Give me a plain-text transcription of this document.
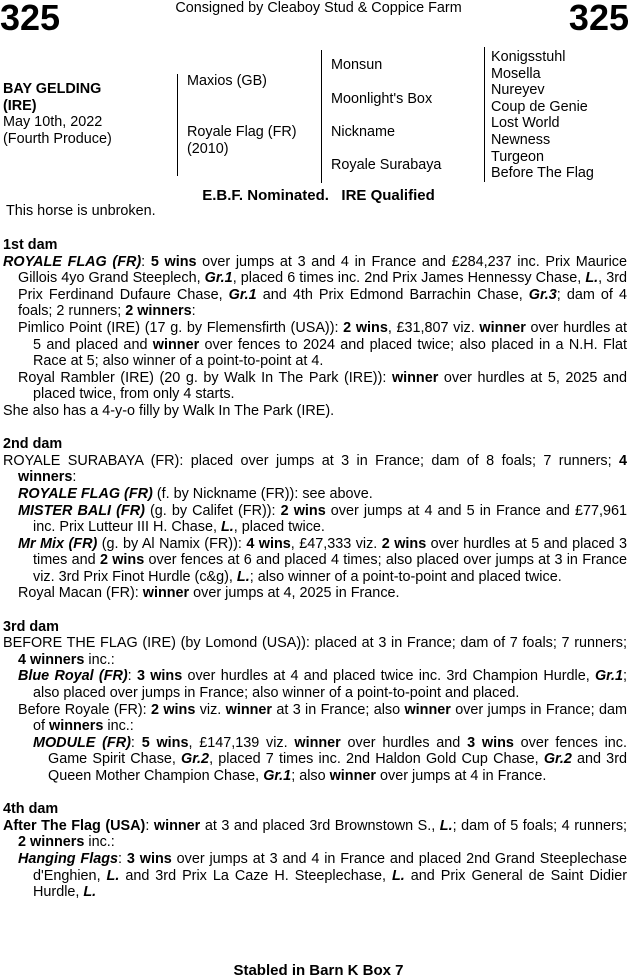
325	325
Consigned by Cleaboy Stud & Coppice Farm
BAY GELDING
(IRE)
May 10th, 2022
(Fourth Produce)
Maxios (GB)
Royale Flag (FR)
(2010)
Monsun
Moonlight's Box
Nickname
Royale Surabaya
Konigsstuhl
Mosella
Nureyev
Coup de Genie
Lost World
Newness
Turgeon
Before The Flag
E.B.F. Nominated.   IRE Qualified
This horse is unbroken.
1st dam

ROYALE FLAG (FR): 5 wins over jumps at 3 and 4 in France and £284,237 inc. Prix Maurice Gillois 4yo Grand Steeplech, Gr.1, placed 6 times inc. 2nd Prix James Hennessy Chase, L., 3rd Prix Ferdinand Dufaure Chase, Gr.1 and 4th Prix Edmond Barrachin Chase, Gr.3; dam of 4 foals; 2 runners; 2 winners:

Pimlico Point (IRE) (17 g. by Flemensfirth (USA)): 2 wins, £31,807 viz. winner over hurdles at 5 and placed and winner over fences to 2024 and placed twice; also placed in a N.H. Flat Race at 5; also winner of a point-to-point at 4.

Royal Rambler (IRE) (20 g. by Walk In The Park (IRE)): winner over hurdles at 5, 2025 and placed twice, from only 4 starts.

She also has a 4-y-o filly by Walk In The Park (IRE).

2nd dam

ROYALE SURABAYA (FR): placed over jumps at 3 in France; dam of 8 foals; 7 runners; 4 winners:

ROYALE FLAG (FR) (f. by Nickname (FR)): see above.

MISTER BALI (FR) (g. by Califet (FR)): 2 wins over jumps at 4 and 5 in France and £77,961 inc. Prix Lutteur III H. Chase, L., placed twice.

Mr Mix (FR) (g. by Al Namix (FR)): 4 wins, £47,333 viz. 2 wins over hurdles at 5 and placed 3 times and 2 wins over fences at 6 and placed 4 times; also placed over jumps at 3 in France viz. 3rd Prix Finot Hurdle (c&g), L.; also winner of a point-to-point and placed twice.

Royal Macan (FR): winner over jumps at 4, 2025 in France.

3rd dam

BEFORE THE FLAG (IRE) (by Lomond (USA)): placed at 3 in France; dam of 7 foals; 7 runners; 4 winners inc.:

Blue Royal (FR): 3 wins over hurdles at 4 and placed twice inc. 3rd Champion Hurdle, Gr.1; also placed over jumps in France; also winner of a point-to-point and placed.

Before Royale (FR): 2 wins viz. winner at 3 in France; also winner over jumps in France; dam of winners inc.:

MODULE (FR): 5 wins, £147,139 viz. winner over hurdles and 3 wins over fences inc. Game Spirit Chase, Gr.2, placed 7 times inc. 2nd Haldon Gold Cup Chase, Gr.2 and 3rd Queen Mother Champion Chase, Gr.1; also winner over jumps at 4 in France.

4th dam

After The Flag (USA): winner at 3 and placed 3rd Brownstown S., L.; dam of 5 foals; 4 runners; 2 winners inc.:

Hanging Flags: 3 wins over jumps at 3 and 4 in France and placed 2nd Grand Steeplechase d'Enghien, L. and 3rd Prix La Caze H. Steeplechase, L. and Prix General de Saint Didier Hurdle, L.

Stabled in Barn K Box 7
